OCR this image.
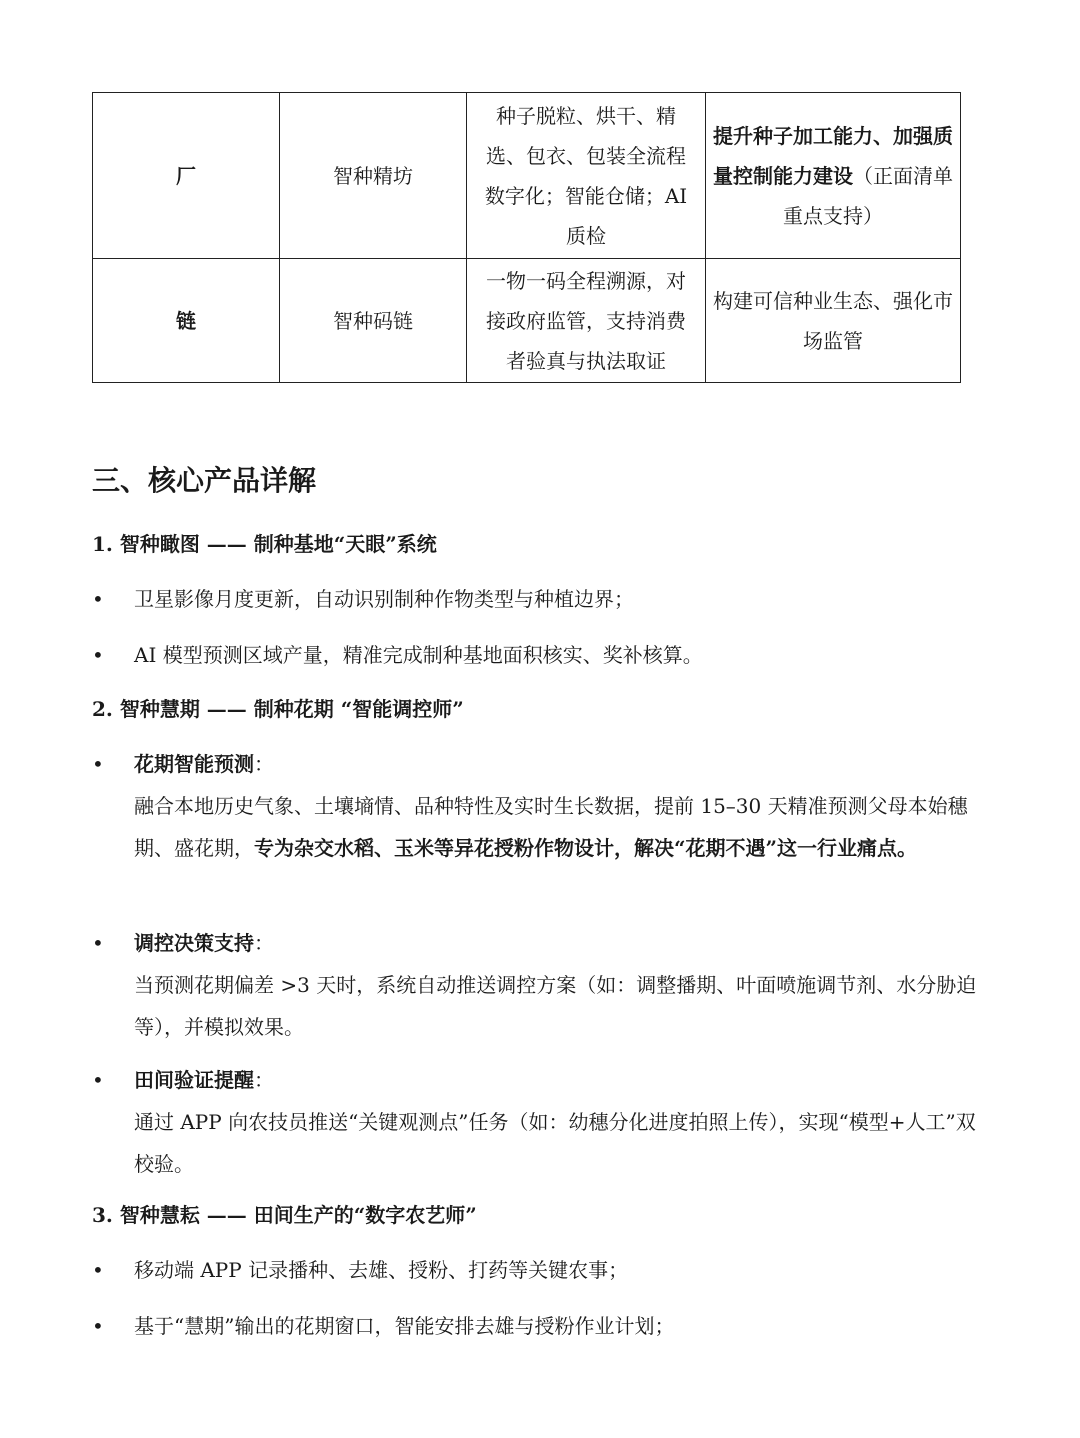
厂	智种精坊	种子脱粒、烘干、精选、包衣、包装全流程数字化；智能仓储；AI质检	提升种子加工能力、加强质量控制能力建设（正面清单重点支持）
链	智种码链	一物一码全程溯源，对接政府监管，支持消费者验真与执法取证	构建可信种业生态、强化市场监管
三、核心产品详解
1. 智种瞰图 —— 制种基地“天眼”系统
•	卫星影像月度更新，自动识别制种作物类型与种植边界；
•	AI 模型预测区域产量，精准完成制种基地面积核实、奖补核算。
2. 智种慧期 —— 制种花期 “智能调控师”
•	花期智能预测：
融合本地历史气象、土壤墒情、品种特性及实时生长数据，提前 15–30 天精准预测父母本始穗期、盛花期，专为杂交水稻、玉米等异花授粉作物设计，解决“花期不遇”这一行业痛点。
•	调控决策支持：
当预测花期偏差 >3 天时，系统自动推送调控方案（如：调整播期、叶面喷施调节剂、水分胁迫等），并模拟效果。
•	田间验证提醒：
通过 APP 向农技员推送“关键观测点”任务（如：幼穗分化进度拍照上传），实现“模型+人工”双校验。
3. 智种慧耘 —— 田间生产的“数字农艺师”
•	移动端 APP 记录播种、去雄、授粉、打药等关键农事；
•	基于“慧期”输出的花期窗口，智能安排去雄与授粉作业计划；
